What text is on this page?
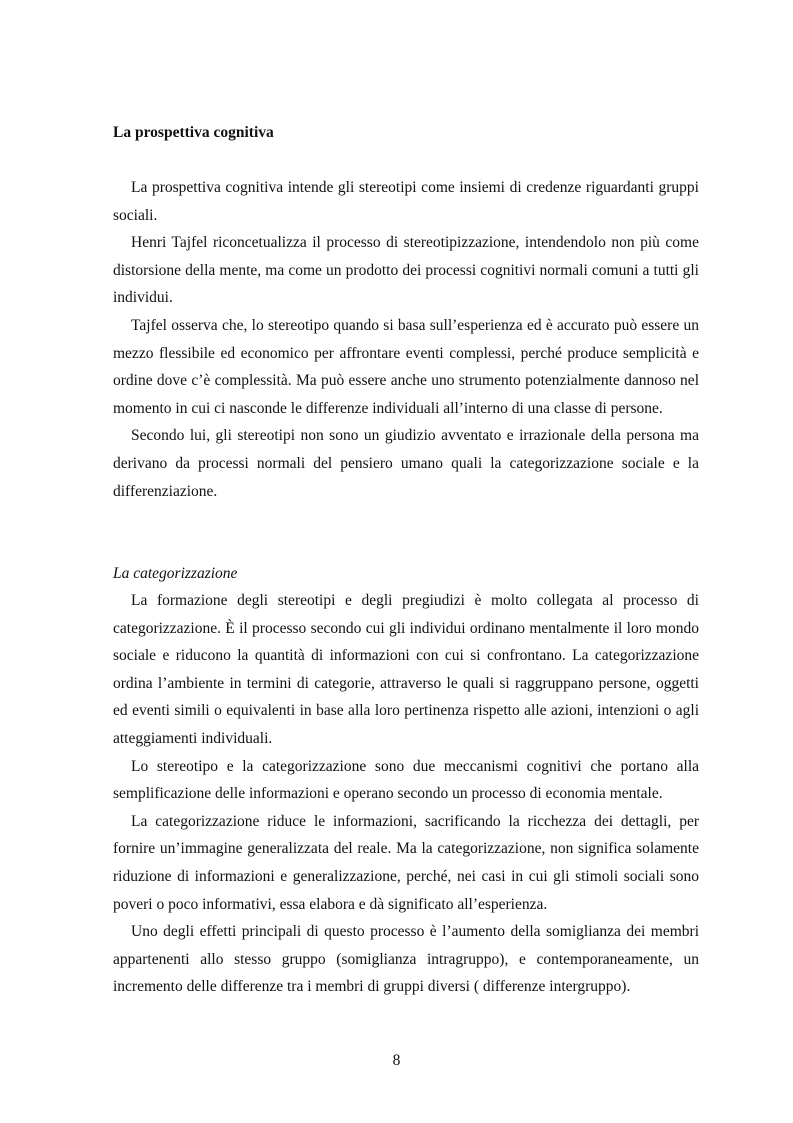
La prospettiva cognitiva

La prospettiva cognitiva intende gli stereotipi come insiemi di credenze riguardanti gruppi sociali.

Henri Tajfel riconcetualizza il processo di stereotipizzazione, intendendolo non più come distorsione della mente, ma come un prodotto dei processi cognitivi normali comuni a tutti gli individui.

Tajfel osserva che, lo stereotipo quando si basa sull’esperienza ed è accurato può essere un mezzo flessibile ed economico per affrontare eventi complessi, perché produce semplicità e ordine dove c’è complessità. Ma può essere anche uno strumento potenzialmente dannoso nel momento in cui ci nasconde le differenze individuali all’interno di una classe di persone.

Secondo lui, gli stereotipi non sono un giudizio avventato e irrazionale della persona ma derivano da processi normali del pensiero umano quali la categorizzazione sociale e la differenziazione.

La categorizzazione

La formazione degli stereotipi e degli pregiudizi è molto collegata al processo di categorizzazione. È il processo secondo cui gli individui ordinano mentalmente il loro mondo sociale e riducono la quantità di informazioni con cui si confrontano. La categorizzazione ordina l’ambiente in termini di categorie, attraverso le quali si raggruppano persone, oggetti ed eventi simili o equivalenti in base alla loro pertinenza rispetto alle azioni, intenzioni o agli atteggiamenti individuali.

Lo stereotipo e la categorizzazione sono due meccanismi cognitivi che portano alla semplificazione delle informazioni e operano secondo un processo di economia mentale.

La categorizzazione riduce le informazioni, sacrificando la ricchezza dei dettagli, per fornire un’immagine generalizzata del reale. Ma la categorizzazione, non significa solamente riduzione di informazioni e generalizzazione, perché, nei casi in cui gli stimoli sociali sono poveri o poco informativi, essa elabora e dà significato all’esperienza.

Uno degli effetti principali di questo processo è l’aumento della somiglianza dei membri appartenenti allo stesso gruppo (somiglianza intragruppo), e contemporaneamente, un incremento delle differenze tra i membri di gruppi diversi ( differenze intergruppo).

8
